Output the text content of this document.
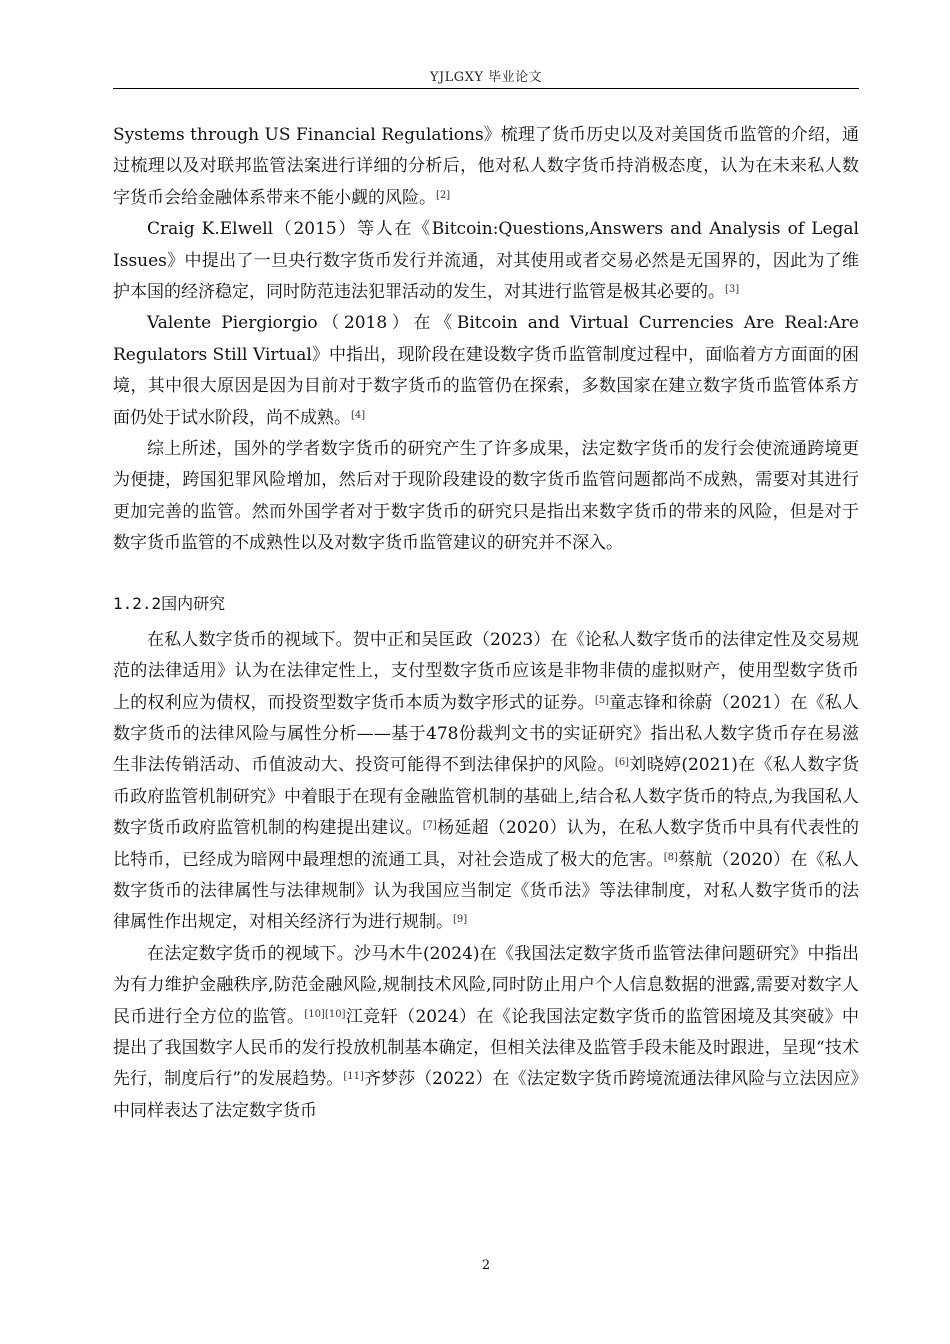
YJLGXY 毕业论文

Systems through US Financial Regulations》梳理了货币历史以及对美国货币监管的介绍，通过梳理以及对联邦监管法案进行详细的分析后，他对私人数字货币持消极态度，认为在未来私人数字货币会给金融体系带来不能小觑的风险。[2]

Craig K.Elwell（2015）等人在《Bitcoin:Questions,Answers and Analysis of Legal Issues》中提出了一旦央行数字货币发行并流通，对其使用或者交易必然是无国界的，因此为了维护本国的经济稳定，同时防范违法犯罪活动的发生，对其进行监管是极其必要的。[3]

Valente Piergiorgio（2018）在《Bitcoin and Virtual Currencies Are Real:Are Regulators Still Virtual》中指出，现阶段在建设数字货币监管制度过程中，面临着方方面面的困境，其中很大原因是因为目前对于数字货币的监管仍在探索，多数国家在建立数字货币监管体系方面仍处于试水阶段，尚不成熟。[4]

综上所述，国外的学者数字货币的研究产生了许多成果，法定数字货币的发行会使流通跨境更为便捷，跨国犯罪风险增加，然后对于现阶段建设的数字货币监管问题都尚不成熟，需要对其进行更加完善的监管。然而外国学者对于数字货币的研究只是指出来数字货币的带来的风险，但是对于数字货币监管的不成熟性以及对数字货币监管建议的研究并不深入。

1.2.2国内研究

在私人数字货币的视域下。贺中正和吴匡政（2023）在《论私人数字货币的法律定性及交易规范的法律适用》认为在法律定性上，支付型数字货币应该是非物非债的虚拟财产，使用型数字货币上的权利应为债权，而投资型数字货币本质为数字形式的证券。[5]童志锋和徐蔚（2021）在《私人数字货币的法律风险与属性分析——基于478份裁判文书的实证研究》指出私人数字货币存在易滋生非法传销活动、币值波动大、投资可能得不到法律保护的风险。[6]刘晓婷(2021)在《私人数字货币政府监管机制研究》中着眼于在现有金融监管机制的基础上,结合私人数字货币的特点,为我国私人数字货币政府监管机制的构建提出建议。[7]杨延超（2020）认为，在私人数字货币中具有代表性的比特币，已经成为暗网中最理想的流通工具，对社会造成了极大的危害。[8]蔡航（2020）在《私人数字货币的法律属性与法律规制》认为我国应当制定《货币法》等法律制度，对私人数字货币的法律属性作出规定，对相关经济行为进行规制。[9]

在法定数字货币的视域下。沙马木牛(2024)在《我国法定数字货币监管法律问题研究》中指出为有力维护金融秩序,防范金融风险,规制技术风险,同时防止用户个人信息数据的泄露,需要对数字人民币进行全方位的监管。[10][10]江竞轩（2024）在《论我国法定数字货币的监管困境及其突破》中提出了我国数字人民币的发行投放机制基本确定，但相关法律及监管手段未能及时跟进，呈现“技术先行，制度后行”的发展趋势。[11]齐梦莎（2022）在《法定数字货币跨境流通法律风险与立法因应》中同样表达了法定数字货币

2
